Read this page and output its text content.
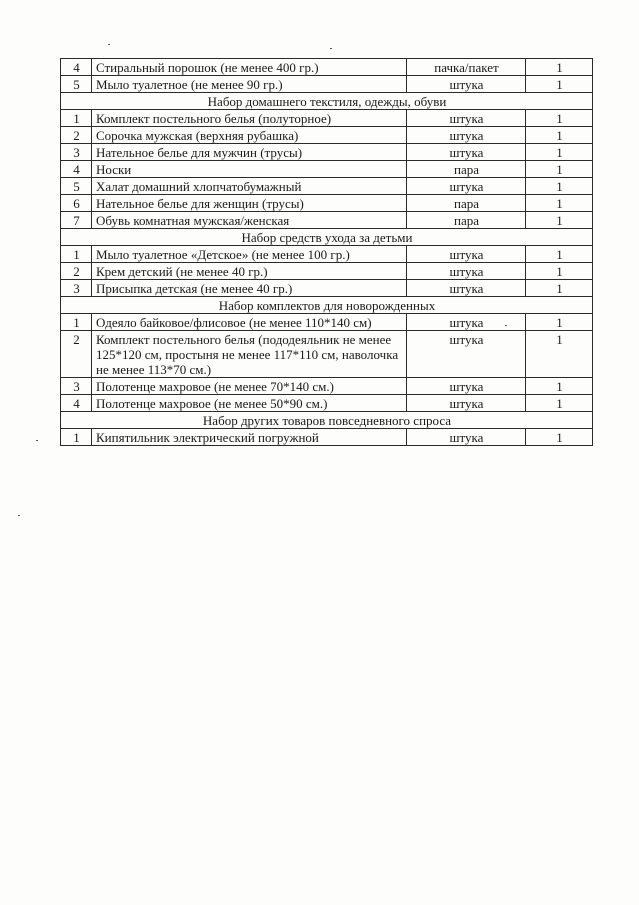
4	Стиральный порошок (не менее 400 гр.)	пачка/пакет	1
5	Мыло туалетное (не менее 90 гр.)	штука	1
Набор домашнего текстиля, одежды, обуви			
1	Комплект постельного белья (полуторное)	штука	1
2	Сорочка мужская (верхняя рубашка)	штука	1
3	Нательное белье для мужчин (трусы)	штука	1
4	Носки	пара	1
5	Халат домашний хлопчатобумажный	штука	1
6	Нательное белье для женщин (трусы)	пара	1
7	Обувь комнатная мужская/женская	пара	1
Набор средств ухода за детьми			
1	Мыло туалетное «Детское» (не менее 100 гр.)	штука	1
2	Крем детский (не менее 40 гр.)	штука	1
3	Присыпка детская (не менее 40 гр.)	штука	1
Набор комплектов для новорожденных			
1	Одеяло байковое/флисовое (не менее 110*140 см)	штука	1
2	Комплект постельного белья (пододеяльник не менее 125*120 см, простыня не менее 117*110 см, наволочка не менее 113*70 см.)	штука	1
3	Полотенце махровое (не менее 70*140 см.)	штука	1
4	Полотенце махровое (не менее 50*90 см.)	штука	1
Набор других товаров повседневного спроса			
1	Кипятильник электрический погружной	штука	1
